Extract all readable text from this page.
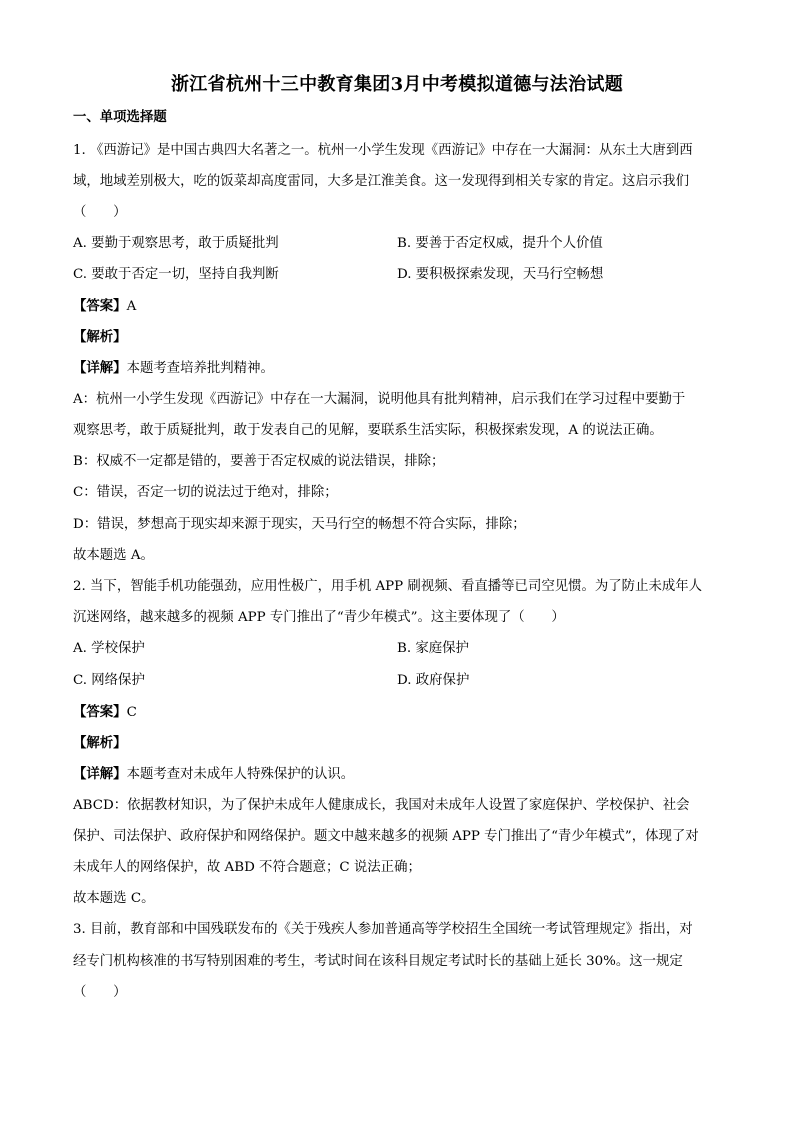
浙江省杭州十三中教育集团3月中考模拟道德与法治试题
一、单项选择题
1. 《西游记》是中国古典四大名著之一。杭州一小学生发现《西游记》中存在一大漏洞：从东土大唐到西
域，地域差别极大，吃的饭菜却高度雷同，大多是江淮美食。这一发现得到相关专家的肯定。这启示我们
（　　）
A. 要勤于观察思考，敢于质疑批判	B. 要善于否定权威，提升个人价值
C. 要敢于否定一切，坚持自我判断	D. 要积极探索发现，天马行空畅想
【答案】A
【解析】
【详解】本题考查培养批判精神。
A：杭州一小学生发现《西游记》中存在一大漏洞，说明他具有批判精神，启示我们在学习过程中要勤于
观察思考，敢于质疑批判，敢于发表自己的见解，要联系生活实际，积极探索发现，A 的说法正确。
B：权威不一定都是错的，要善于否定权威的说法错误，排除；
C：错误，否定一切的说法过于绝对，排除；
D：错误，梦想高于现实却来源于现实，天马行空的畅想不符合实际，排除；
故本题选 A。
2. 当下，智能手机功能强劲，应用性极广，用手机 APP 刷视频、看直播等已司空见惯。为了防止未成年人
沉迷网络，越来越多的视频 APP 专门推出了“青少年模式”。这主要体现了（　　）
A. 学校保护	B. 家庭保护
C. 网络保护	D. 政府保护
【答案】C
【解析】
【详解】本题考查对未成年人特殊保护的认识。
ABCD：依据教材知识，为了保护未成年人健康成长，我国对未成年人设置了家庭保护、学校保护、社会
保护、司法保护、政府保护和网络保护。题文中越来越多的视频 APP 专门推出了“青少年模式”，体现了对
未成年人的网络保护，故 ABD 不符合题意；C 说法正确；
故本题选 C。
3. 目前，教育部和中国残联发布的《关于残疾人参加普通高等学校招生全国统一考试管理规定》指出，对
经专门机构核准的书写特别困难的考生，考试时间在该科目规定考试时长的基础上延长 30%。这一规定
（　　）
